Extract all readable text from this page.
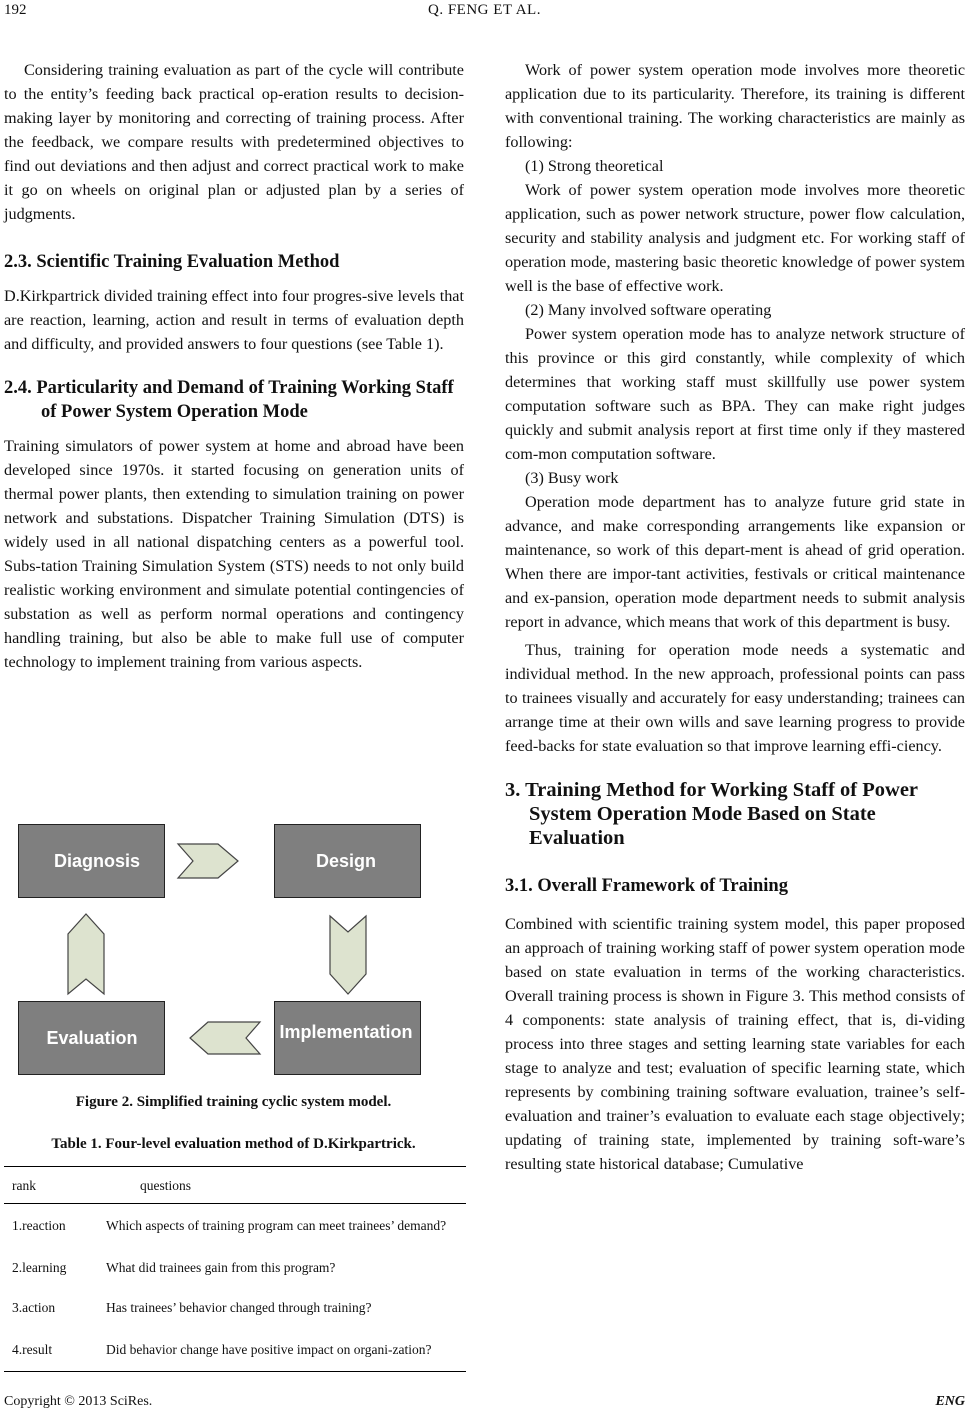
192	Q. FENG ET AL.

Considering training evaluation as part of the cycle will contribute to the entity’s feeding back practical op-eration results to decision-making layer by monitoring and correcting of training process. After the feedback, we compare results with predetermined objectives to find out deviations and then adjust and correct practical work to make it go on wheels on original plan or adjusted plan by a series of judgments.

2.3. Scientific Training Evaluation Method

D.Kirkpartrick divided training effect into four progres-sive levels that are reaction, learning, action and result in terms of evaluation depth and difficulty, and provided answers to four questions (see Table 1).

2.4. Particularity and Demand of Training Working Staff of Power System Operation Mode

Training simulators of power system at home and abroad have been developed since 1970s. it started focusing on generation units of thermal power plants, then extending to simulation training on power network and substations. Dispatcher Training Simulation (DTS) is widely used in all national dispatching centers as a powerful tool. Subs-tation Training Simulation System (STS) needs to not only build realistic working environment and simulate potential contingencies of substation as well as perform normal operations and contingency handling training, but also be able to make full use of computer technology to implement training from various aspects.

Diagnosis	Design
Evaluation	Implementation
Figure 2. Simplified training cyclic system model.
Table 1. Four-level evaluation method of D.Kirkpartrick.
rank	questions
1.reaction	Which aspects of training program can meet trainees’ demand?
2.learning	What did trainees gain from this program?
3.action	Has trainees’ behavior changed through training?
4.result	Did behavior change have positive impact on organi-zation?

Work of power system operation mode involves more theoretic application due to its particularity. Therefore, its training is different with conventional training. The working characteristics are mainly as following:

(1) Strong theoretical

Work of power system operation mode involves more theoretic application, such as power network structure, power flow calculation, security and stability analysis and judgment etc. For working staff of operation mode, mastering basic theoretic knowledge of power system well is the base of effective work.

(2) Many involved software operating

Power system operation mode has to analyze network structure of this province or this gird constantly, while complexity of which determines that working staff must skillfully use power system computation software such as BPA. They can make right judges quickly and submit analysis report at first time only if they mastered com-mon computation software.

(3) Busy work

Operation mode department has to analyze future grid state in advance, and make corresponding arrangements like expansion or maintenance, so work of this depart-ment is ahead of grid operation. When there are impor-tant activities, festivals or critical maintenance and ex-pansion, operation mode department needs to submit analysis report in advance, which means that work of this department is busy.

Thus, training for operation mode needs a systematic and individual method. In the new approach, professional points can pass to trainees visually and accurately for easy understanding; trainees can arrange time at their own wills and save learning progress to provide feed-backs for state evaluation so that improve learning effi-ciency.

3. Training Method for Working Staff of Power System Operation Mode Based on State Evaluation
3.1. Overall Framework of Training

Combined with scientific training system model, this paper proposed an approach of training working staff of power system operation mode based on state evaluation in terms of the working characteristics. Overall training process is shown in Figure 3. This method consists of 4 components: state analysis of training effect, that is, di-viding process into three stages and setting learning state variables for each stage to analyze and test; evaluation of specific learning state, which represents by combining training software evaluation, trainee’s self-evaluation and trainer’s evaluation to evaluate each stage objectively; updating of training state, implemented by training soft-ware’s resulting state historical database; Cumulative

Copyright © 2013 SciRes.	ENG
